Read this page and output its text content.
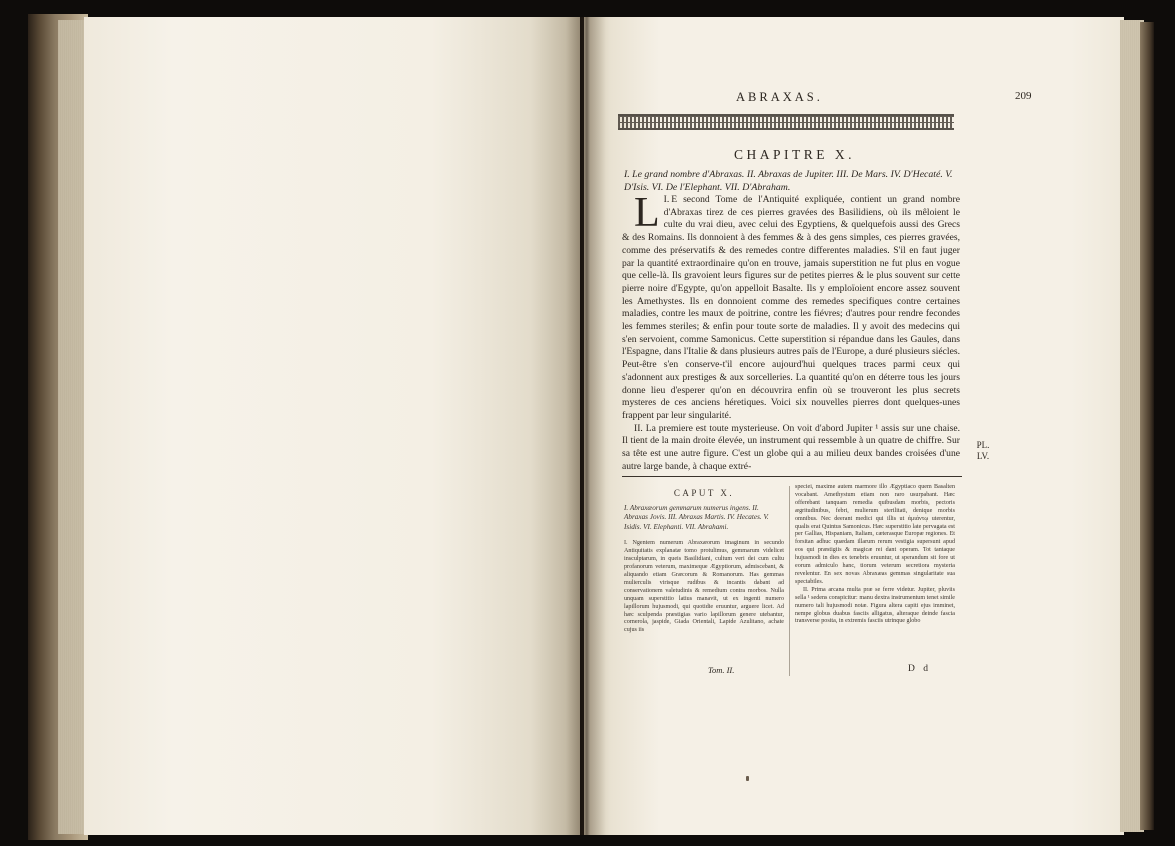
ABRAXAS.	209
CHAPITRE X.
I. Le grand nombre d'Abraxas. II. Abraxas de Jupiter. III. De Mars. IV. D'Hecaté. V. D'Isis. VI. De l'Elephant. VII. D'Abraham.

I.
L E second Tome de l'Antiquité expliquée, contient un grand nombre d'Abraxas tirez de ces pierres gravées des Basilidiens, où ils mêloient le culte du vrai dieu, avec celui des Egyptiens, & quelquefois aussi des Grecs & des Romains. Ils donnoient à des femmes & à des gens simples, ces pierres gravées, comme des préservatifs & des remedes contre differentes maladies. S'il en faut juger par la quantité extraordinaire qu'on en trouve, jamais superstition ne fut plus en vogue que celle-là. Ils gravoient leurs figures sur de petites pierres & le plus souvent sur cette pierre noire d'Egypte, qu'on appelloit Basalte. Ils y emploïoient encore assez souvent les Amethystes. Ils en donnoient comme des remedes specifiques contre certaines maladies, contre les maux de poitrine, contre les fiévres; d'autres pour rendre fecondes les femmes steriles; & enfin pour toute sorte de maladies. Il y avoit des medecins qui s'en servoient, comme Samonicus. Cette superstition si répandue dans les Gaules, dans l'Espagne, dans l'Italie & dans plusieurs autres païs de l'Europe, a duré plusieurs siécles. Peut-être s'en conserve-t'il encore aujourd'hui quelques traces parmi ceux qui s'adonnent aux prestiges & aux sorcelleries. La quantité qu'on en déterre tous les jours donne lieu d'esperer qu'on en découvrira enfin où se trouveront les plus secrets mysteres de ces anciens héretiques. Voici six nouvelles pierres dont quelques-unes frappent par leur singularité.

II. La premiere est toute mysterieuse. On voit d'abord Jupiter ¹ assis sur une chaise. Il tient de la main droite élevée, un instrument qui ressemble à un quatre de chiffre. Sur sa tête est une autre figure. C'est un globe qui a au milieu deux bandes croisées d'une autre large bande, à chaque extré-

PL.
LV.
CAPUT X.
I. Abraxæorum gemmarum numerus ingens. II. Abraxas Jovis. III. Abraxas Martis. IV. Hecates. V. Isidis. VI. Elephanti. VII. Abrahami.
I. Ngentem numerum Abraxæorum imaginum in secundo Antiquitatis explanatæ tomo protulimus, gemmarum videlicet insculptarum, in queis Basilidiani, cultum veri dei cum cultu profanorum veterum, maximeque Ægyptiorum, admiscebant, & aliquando etiam Græcorum & Romanorum. Has gemmas mulierculis virisque rudibus & incantis dabant ad conservationem valetudinis & remedium contra morbos. Nulla unquam superstitio latius manavit, ut ex ingenti numero lapillorum hujusmodi, qui quotidie eruuntur, arguere licet. Ad hæc sculpenda præstigias vario lapillorum genere utebantur, cornerola, jaspide, Giada Orientali, Lapide Azulitano, achate cujus iis
speciei, maxime autem marmore illo Ægyptiaco quem Basalten vocabant. Amethystum etiam non raro usurpabant. Hæc offerebant tanquam remedia quibusdam morbis, pectoris ægritudinibus, febri, mulierum sterilitati, denique morbis omnibus. Nec deerant medici qui illis ut ἀμιάντῳ uterentur, qualis erat Quintus Samonicus. Hæc superstitio late pervagata est per Gallias, Hispaniam, Italiam, cæterasque Europæ regiones. Et forsitan adhuc quædam illarum rerum vestigia supersunt apud eos qui præstigiis & magicæ rei dant operam. Tot tantaque hujusmodi in dies ex tenebris eruuntur, ut sperandum sit fore ut eorum admiculo hanc, tiorum veterum secretiora mysteria revelentur. En sex novas Abraxæas gemmas singularitate sua spectabiles.
II. Prima arcana multa præ se ferre videtur. Jupiter, pluviis sella ¹ sedens conspicitur: manu dextra instrumentum tenet simile numero tali hujusmodi notæ. Figura altera capiti ejus imminet, nempe globus duabus fasciis alligatus, alteraque deinde fascia transverse posita, in extremis fasciis utrinque globo
Tom. II.	D d
